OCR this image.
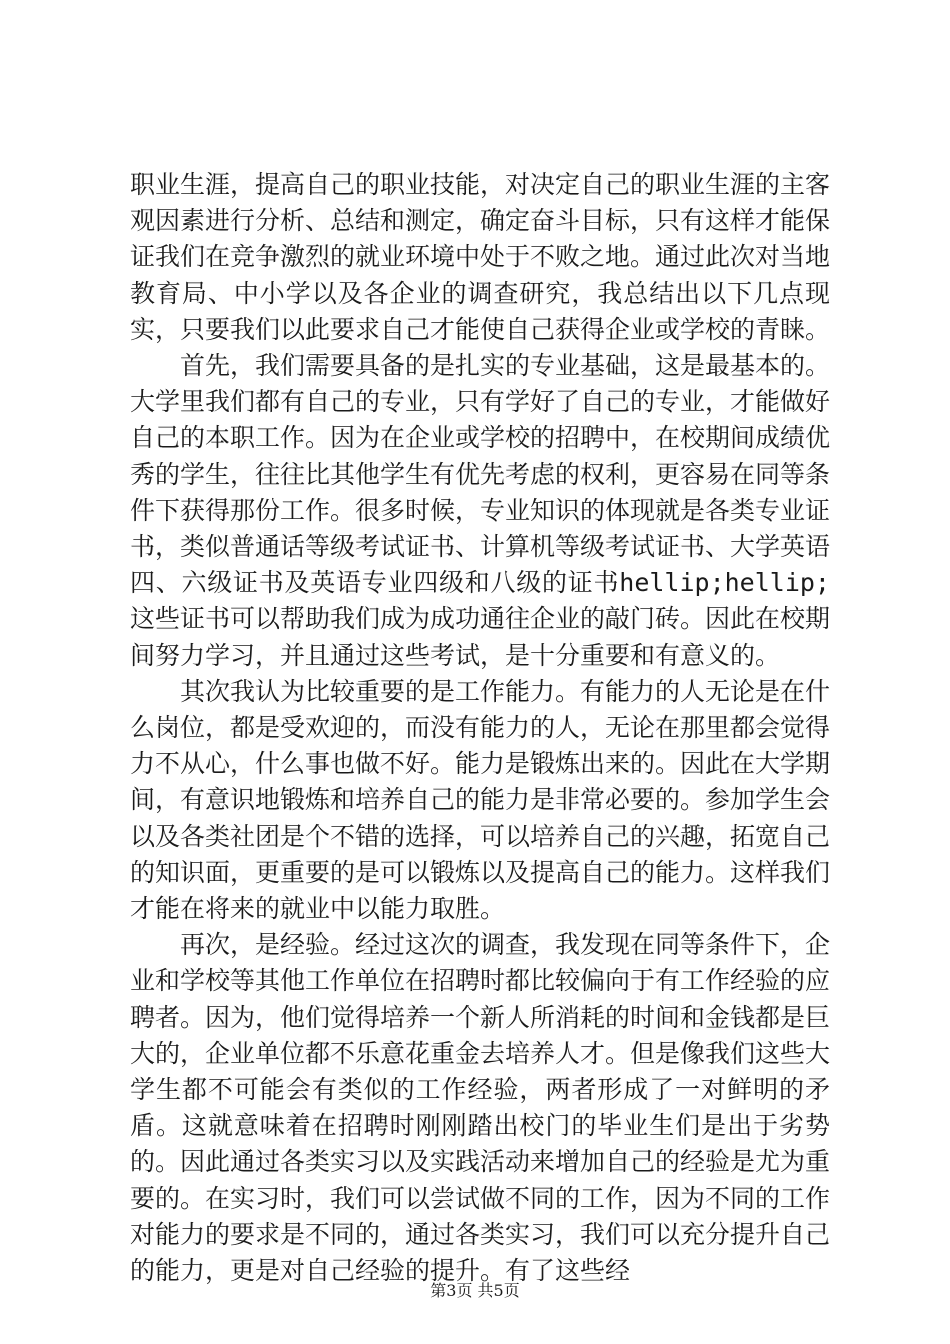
职业生涯，提高自己的职业技能，对决定自己的职业生涯的主客观因素进行分析、总结和测定，确定奋斗目标，只有这样才能保证我们在竞争激烈的就业环境中处于不败之地。通过此次对当地教育局、中小学以及各企业的调查研究，我总结出以下几点现实，只要我们以此要求自己才能使自己获得企业或学校的青睐。

首先，我们需要具备的是扎实的专业基础，这是最基本的。大学里我们都有自己的专业，只有学好了自己的专业，才能做好自己的本职工作。因为在企业或学校的招聘中，在校期间成绩优秀的学生，往往比其他学生有优先考虑的权利，更容易在同等条件下获得那份工作。很多时候，专业知识的体现就是各类专业证书，类似普通话等级考试证书、计算机等级考试证书、大学英语四、六级证书及英语专业四级和八级的证书hellip;hellip;这些证书可以帮助我们成为成功通往企业的敲门砖。因此在校期间努力学习，并且通过这些考试，是十分重要和有意义的。

其次我认为比较重要的是工作能力。有能力的人无论是在什么岗位，都是受欢迎的，而没有能力的人，无论在那里都会觉得力不从心，什么事也做不好。能力是锻炼出来的。因此在大学期间，有意识地锻炼和培养自己的能力是非常必要的。参加学生会以及各类社团是个不错的选择，可以培养自己的兴趣，拓宽自己的知识面，更重要的是可以锻炼以及提高自己的能力。这样我们才能在将来的就业中以能力取胜。

再次，是经验。经过这次的调查，我发现在同等条件下，企业和学校等其他工作单位在招聘时都比较偏向于有工作经验的应聘者。因为，他们觉得培养一个新人所消耗的时间和金钱都是巨大的，企业单位都不乐意花重金去培养人才。但是像我们这些大学生都不可能会有类似的工作经验，两者形成了一对鲜明的矛盾。这就意味着在招聘时刚刚踏出校门的毕业生们是出于劣势的。因此通过各类实习以及实践活动来增加自己的经验是尤为重要的。在实习时，我们可以尝试做不同的工作，因为不同的工作对能力的要求是不同的，通过各类实习，我们可以充分提升自己的能力，更是对自己经验的提升。有了这些经

第3页 共5页
